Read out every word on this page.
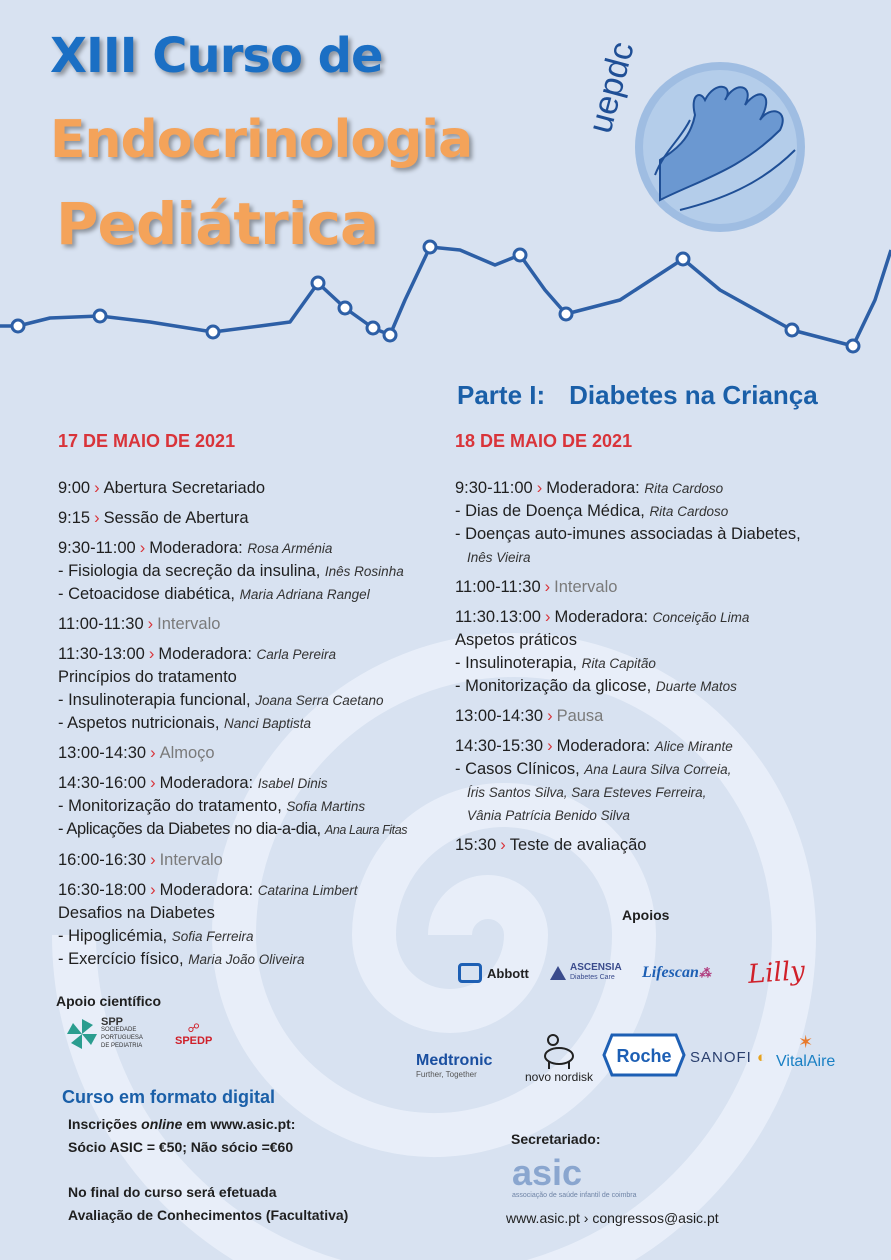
uepdc
XIII Curso de
Endocrinologia
Pediátrica
Parte I: Diabetes na Criança
17 DE MAIO DE 2021
9:00 › Abertura Secretariado
9:15 › Sessão de Abertura
9:30-11:00 › Moderadora: Rosa Arménia
- Fisiologia da secreção da insulina, Inês Rosinha
- Cetoacidose diabética, Maria Adriana Rangel
11:00-11:30 › Intervalo
11:30-13:00 › Moderadora: Carla Pereira
Princípios do tratamento
- Insulinoterapia funcional, Joana Serra Caetano
- Aspetos nutricionais, Nanci Baptista
13:00-14:30 › Almoço
14:30-16:00 › Moderadora: Isabel Dinis
- Monitorização do tratamento, Sofia Martins
- Aplicações da Diabetes no dia-a-dia, Ana Laura Fitas
16:00-16:30 › Intervalo
16:30-18:00 › Moderadora: Catarina Limbert
Desafios na Diabetes
- Hipoglicémia, Sofia Ferreira
- Exercício físico, Maria João Oliveira
18 DE MAIO DE 2021
9:30-11:00 › Moderadora: Rita Cardoso
- Dias de Doença Médica, Rita Cardoso
- Doenças auto-imunes associadas à Diabetes,
Inês Vieira
11:00-11:30 › Intervalo
11:30.13:00 › Moderadora: Conceição Lima
Aspetos práticos
- Insulinoterapia, Rita Capitão
- Monitorização da glicose, Duarte Matos
13:00-14:30 › Pausa
14:30-15:30 › Moderadora: Alice Mirante
- Casos Clínicos, Ana Laura Silva Correia,
Íris Santos Silva, Sara Esteves Ferreira,
Vânia Patrícia Benido Silva
15:30 › Teste de avaliação
Apoios
Abbott	ASCENSIA
Diabetes Care	Lifescan⁂	Lilly
Medtronic
Further, Together	novo nordisk
Roche SANOFI ◐
✶
VitalAire
Apoio científico
SPP
SOCIEDADE
PORTUGUESA
DE PEDIATRIA
☍
SPEDP
Curso em formato digital
Inscrições online em www.asic.pt:
Sócio ASIC = €50; Não sócio =€60
No final do curso será efetuada
Avaliação de Conhecimentos (Facultativa)
Secretariado:
asic
associação de saúde infantil de coimbra
www.asic.pt › congressos@asic.pt
